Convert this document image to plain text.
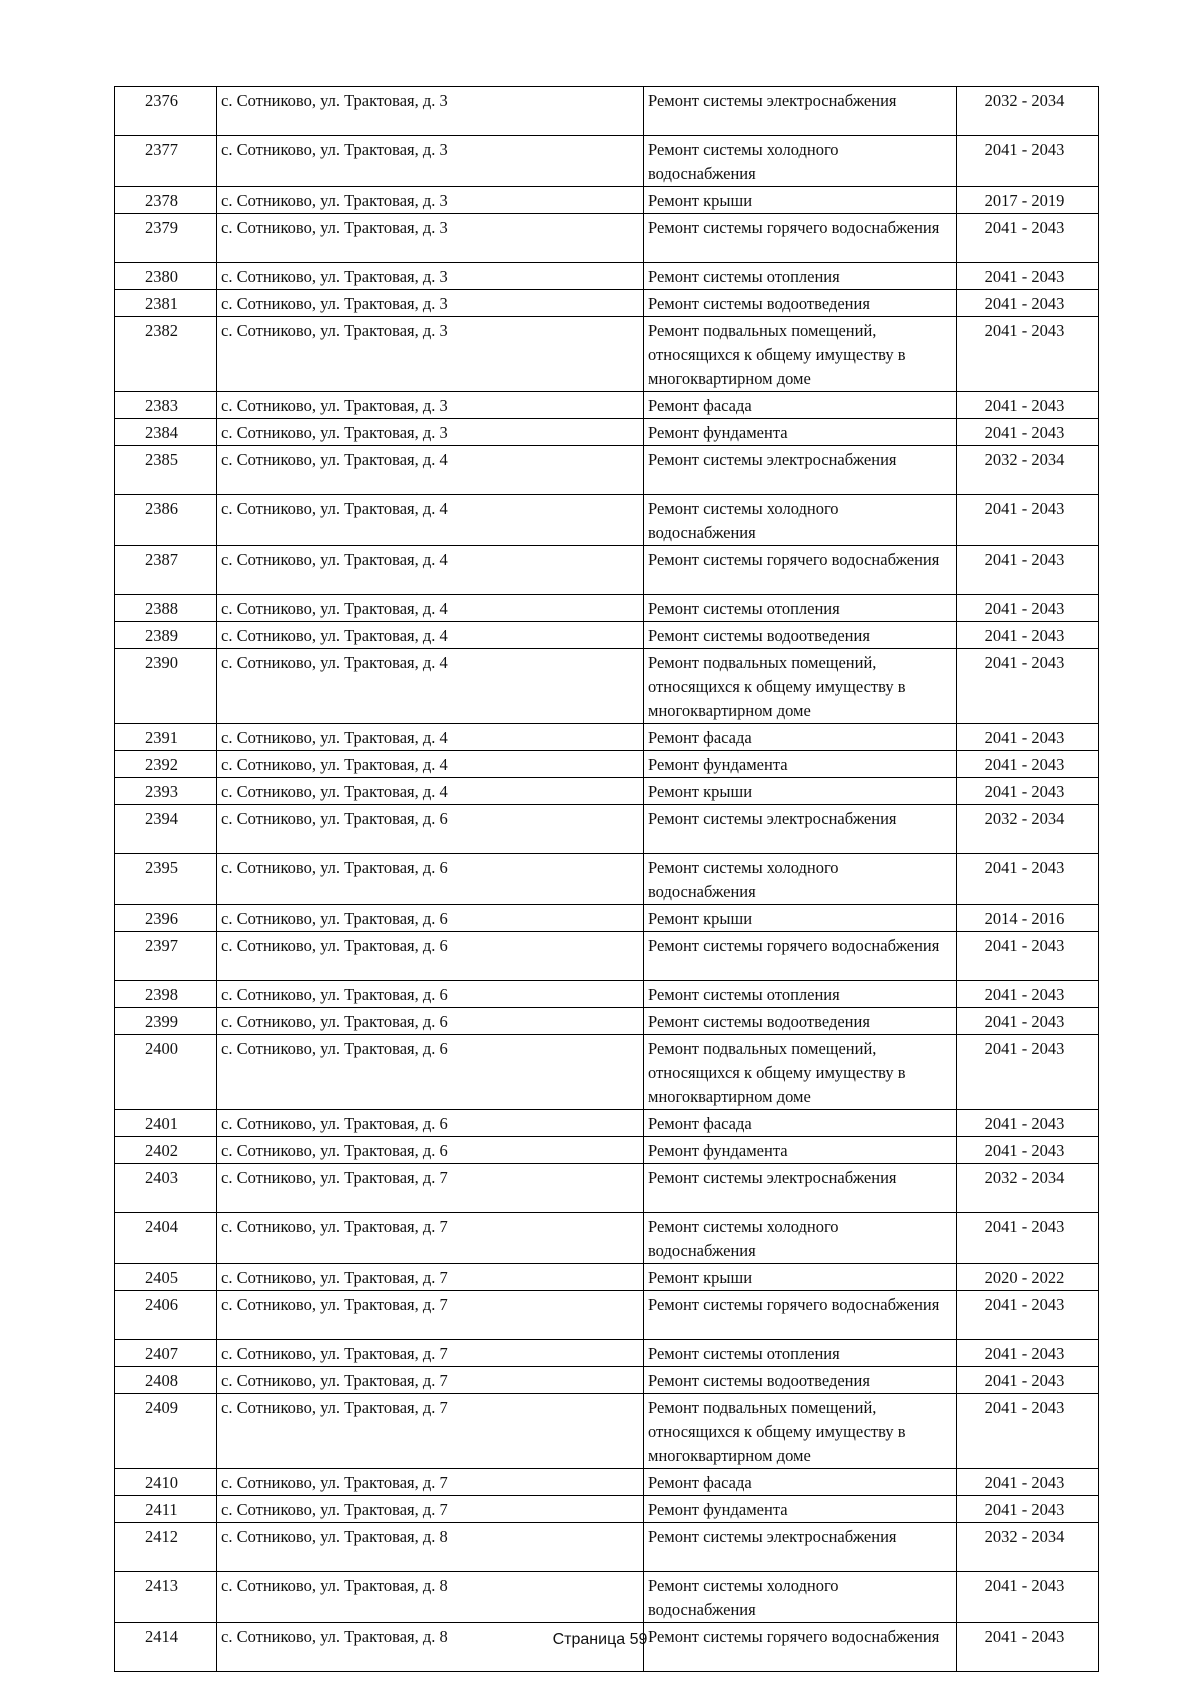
2376	с. Сотниково, ул. Трактовая, д. 3	Ремонт системы электроснабжения	2032 - 2034
2377	с. Сотниково, ул. Трактовая, д. 3	Ремонт системы холодного водоснабжения	2041 - 2043
2378	с. Сотниково, ул. Трактовая, д. 3	Ремонт крыши	2017 - 2019
2379	с. Сотниково, ул. Трактовая, д. 3	Ремонт системы горячего водоснабжения	2041 - 2043
2380	с. Сотниково, ул. Трактовая, д. 3	Ремонт системы отопления	2041 - 2043
2381	с. Сотниково, ул. Трактовая, д. 3	Ремонт системы водоотведения	2041 - 2043
2382	с. Сотниково, ул. Трактовая, д. 3	Ремонт подвальных помещений, относящихся к общему имуществу в многоквартирном доме	2041 - 2043
2383	с. Сотниково, ул. Трактовая, д. 3	Ремонт фасада	2041 - 2043
2384	с. Сотниково, ул. Трактовая, д. 3	Ремонт фундамента	2041 - 2043
2385	с. Сотниково, ул. Трактовая, д. 4	Ремонт системы электроснабжения	2032 - 2034
2386	с. Сотниково, ул. Трактовая, д. 4	Ремонт системы холодного водоснабжения	2041 - 2043
2387	с. Сотниково, ул. Трактовая, д. 4	Ремонт системы горячего водоснабжения	2041 - 2043
2388	с. Сотниково, ул. Трактовая, д. 4	Ремонт системы отопления	2041 - 2043
2389	с. Сотниково, ул. Трактовая, д. 4	Ремонт системы водоотведения	2041 - 2043
2390	с. Сотниково, ул. Трактовая, д. 4	Ремонт подвальных помещений, относящихся к общему имуществу в многоквартирном доме	2041 - 2043
2391	с. Сотниково, ул. Трактовая, д. 4	Ремонт фасада	2041 - 2043
2392	с. Сотниково, ул. Трактовая, д. 4	Ремонт фундамента	2041 - 2043
2393	с. Сотниково, ул. Трактовая, д. 4	Ремонт крыши	2041 - 2043
2394	с. Сотниково, ул. Трактовая, д. 6	Ремонт системы электроснабжения	2032 - 2034
2395	с. Сотниково, ул. Трактовая, д. 6	Ремонт системы холодного водоснабжения	2041 - 2043
2396	с. Сотниково, ул. Трактовая, д. 6	Ремонт крыши	2014 - 2016
2397	с. Сотниково, ул. Трактовая, д. 6	Ремонт системы горячего водоснабжения	2041 - 2043
2398	с. Сотниково, ул. Трактовая, д. 6	Ремонт системы отопления	2041 - 2043
2399	с. Сотниково, ул. Трактовая, д. 6	Ремонт системы водоотведения	2041 - 2043
2400	с. Сотниково, ул. Трактовая, д. 6	Ремонт подвальных помещений, относящихся к общему имуществу в многоквартирном доме	2041 - 2043
2401	с. Сотниково, ул. Трактовая, д. 6	Ремонт фасада	2041 - 2043
2402	с. Сотниково, ул. Трактовая, д. 6	Ремонт фундамента	2041 - 2043
2403	с. Сотниково, ул. Трактовая, д. 7	Ремонт системы электроснабжения	2032 - 2034
2404	с. Сотниково, ул. Трактовая, д. 7	Ремонт системы холодного водоснабжения	2041 - 2043
2405	с. Сотниково, ул. Трактовая, д. 7	Ремонт крыши	2020 - 2022
2406	с. Сотниково, ул. Трактовая, д. 7	Ремонт системы горячего водоснабжения	2041 - 2043
2407	с. Сотниково, ул. Трактовая, д. 7	Ремонт системы отопления	2041 - 2043
2408	с. Сотниково, ул. Трактовая, д. 7	Ремонт системы водоотведения	2041 - 2043
2409	с. Сотниково, ул. Трактовая, д. 7	Ремонт подвальных помещений, относящихся к общему имуществу в многоквартирном доме	2041 - 2043
2410	с. Сотниково, ул. Трактовая, д. 7	Ремонт фасада	2041 - 2043
2411	с. Сотниково, ул. Трактовая, д. 7	Ремонт фундамента	2041 - 2043
2412	с. Сотниково, ул. Трактовая, д. 8	Ремонт системы электроснабжения	2032 - 2034
2413	с. Сотниково, ул. Трактовая, д. 8	Ремонт системы холодного водоснабжения	2041 - 2043
2414	с. Сотниково, ул. Трактовая, д. 8	Ремонт системы горячего водоснабжения	2041 - 2043
Страница 59
